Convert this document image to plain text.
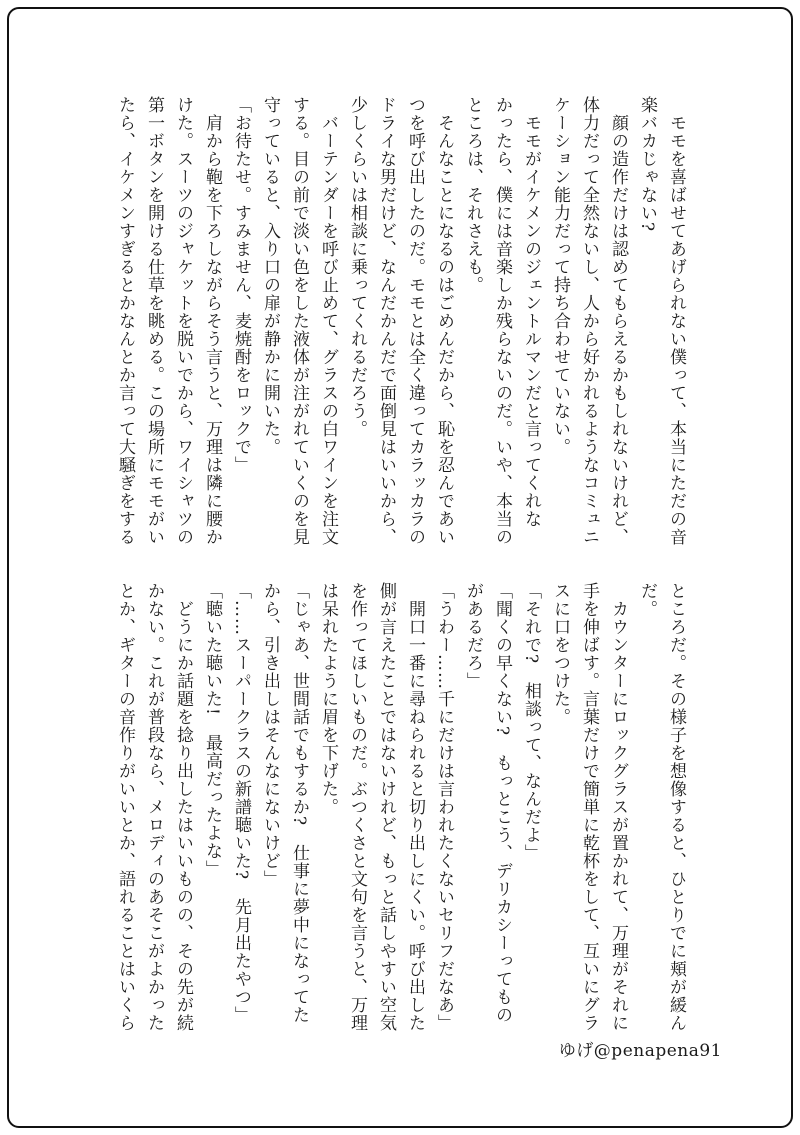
　モモを喜ばせてあげられない僕って、本当にただの音
楽バカじゃない?
　顔の造作だけは認めてもらえるかもしれないけれど、
体力だって全然ないし、人から好かれるようなコミュニ
ケーション能力だって持ち合わせていない。
　モモがイケメンのジェントルマンだと言ってくれな
かったら、僕には音楽しか残らないのだ。いや、本当の
ところは、それさえも。
　そんなことになるのはごめんだから、恥を忍んであい
つを呼び出したのだ。モモとは全く違ってカラッカラの
ドライな男だけど、なんだかんだで面倒見はいいから、
少しくらいは相談に乗ってくれるだろう。
　バーテンダーを呼び止めて、グラスの白ワインを注文
する。目の前で淡い色をした液体が注がれていくのを見
守っていると、入り口の扉が静かに開いた。
「お待たせ。すみません、麦焼酎をロックで」
　肩から鞄を下ろしながらそう言うと、万理は隣に腰か
けた。スーツのジャケットを脱いでから、ワイシャツの
第一ボタンを開ける仕草を眺める。この場所にモモがい
たら、イケメンすぎるとかなんとか言って大騒ぎをする
ところだ。その様子を想像すると、ひとりでに頬が緩ん
だ。
　カウンターにロックグラスが置かれて、万理がそれに
手を伸ばす。言葉だけで簡単に乾杯をして、互いにグラ
スに口をつけた。
「それで?　相談って、なんだよ」
「聞くの早くない?　もっとこう、デリカシーってもの
があるだろ」
「うわー……千にだけは言われたくないセリフだなあ」
　開口一番に尋ねられると切り出しにくい。呼び出した
側が言えたことではないけれど、もっと話しやすい空気
を作ってほしいものだ。ぶつくさと文句を言うと、万理
は呆れたように眉を下げた。
「じゃあ、世間話でもするか?　仕事に夢中になってた
から、引き出しはそんなにないけど」
「……スーパークラスの新譜聴いた?　先月出たやつ」
「聴いた聴いた!　最高だったよな」
　どうにか話題を捻り出したはいいものの、その先が続
かない。これが普段なら、メロディのあそこがよかった
とか、ギターの音作りがいいとか、語れることはいくら
ゆげ@penapena91
